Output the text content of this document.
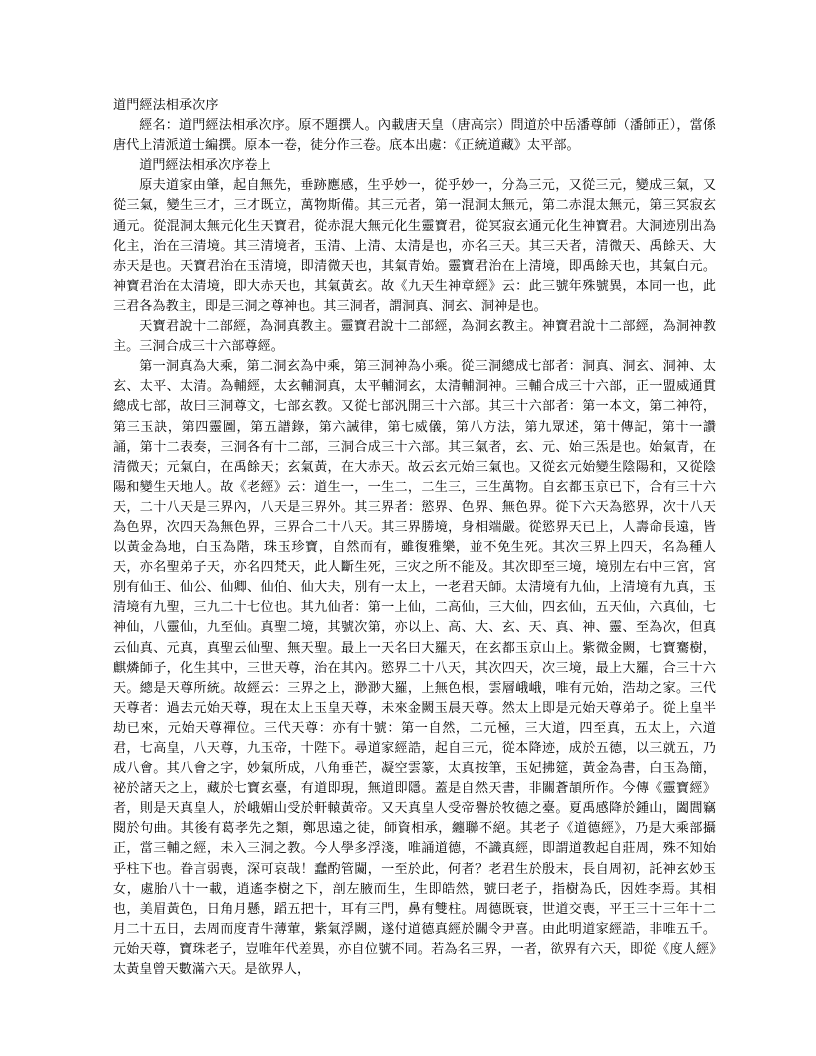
道門經法相承次序

經名：道門經法相承次序。原不題撰人。內載唐天皇（唐高宗）問道於中岳潘尊師（潘師正），當係唐代上清派道士編撰。原本一卷，徒分作三卷。底本出處：《正統道藏》太平部。

道門經法相承次序卷上

原夫道家由肇，起自無先，垂跡應感，生乎妙一，從乎妙一，分為三元，又從三元，變成三氣，又從三氣，變生三才，三才既立，萬物斯備。其三元者，第一混洞太無元，第二赤混太無元，第三冥寂玄通元。從混洞太無元化生天寶君，從赤混大無元化生靈寶君，從冥寂玄通元化生神寶君。大洞迹別出為化主，治在三清境。其三清境者，玉清、上清、太清是也，亦名三天。其三天者，清微天、禹餘天、大赤天是也。天寶君治在玉清境，即清微天也，其氣青始。靈寶君治在上清境，即禹餘天也，其氣白元。神寶君治在太清境，即大赤天也，其氣黃玄。故《九天生神章經》云：此三號年殊號異，本同一也，此三君各為教主，即是三洞之尊神也。其三洞者，謂洞真、洞玄、洞神是也。

天寶君說十二部經，為洞真教主。靈寶君說十二部經，為洞玄教主。神寶君說十二部經，為洞神教主。三洞合成三十六部尊經。

第一洞真為大乘，第二洞玄為中乘，第三洞神為小乘。從三洞總成七部者：洞真、洞玄、洞神、太玄、太平、太清。為輔經，太玄輔洞真，太平輔洞玄，太清輔洞神。三輔合成三十六部，正一盟威通貫總成七部，故曰三洞尊文，七部玄教。又從七部汎開三十六部。其三十六部者：第一本文，第二神符，第三玉訣，第四靈圖，第五譜錄，第六誡律，第七威儀，第八方法，第九眾述，第十傳記，第十一讚誦，第十二表奏，三洞各有十二部，三洞合成三十六部。其三氣者，玄、元、始三炁是也。始氣青，在清微天；元氣白，在禹餘天；玄氣黃，在大赤天。故云玄元始三氣也。又從玄元始變生陰陽和，又從陰陽和變生天地人。故《老經》云：道生一，一生二，二生三，三生萬物。自玄都玉京已下，合有三十六天，二十八天是三界內，八天是三界外。其三界者：慾界、色界、無色界。從下六天為慾界，次十八天為色界，次四天為無色界，三界合二十八天。其三界勝境，身相端嚴。從慾界天已上，人壽命長遠，皆以黃金為地，白玉為階，珠玉珍寶，自然而有，雖復雅樂，並不免生死。其次三界上四天，名為種人天，亦名聖弟子天，亦名四梵天，此人斷生死，三灾之所不能及。其次即至三境，境別左右中三宮，宮別有仙王、仙公、仙卿、仙伯、仙大夫，別有一太上，一老君天師。太清境有九仙，上清境有九真，玉清境有九聖，三九二十七位也。其九仙者：第一上仙，二高仙，三大仙，四玄仙，五天仙，六真仙，七神仙，八靈仙，九至仙。真聖二境，其號次第，亦以上、高、大、玄、天、真、神、靈、至為次，但真云仙真、元真，真聖云仙聖、無天聖。最上一天名曰大羅天，在玄都玉京山上。紫微金闕，七寶騫樹，麒燐師子，化生其中，三世天尊，治在其內。慾界二十八天，其次四天，次三境，最上大羅，合三十六天。總是天尊所統。故經云：三界之上，渺渺大羅，上無色根，雲層峨峨，唯有元始，浩劫之家。三代天尊者：過去元始天尊，現在太上玉皇天尊，未來金闕玉晨天尊。然太上即是元始天尊弟子。從上皇半劫已來，元始天尊禪位。三代天尊：亦有十號：第一自然，二元極，三大道，四至真，五太上，六道君，七高皇，八天尊，九玉帝，十陛下。尋道家經誥，起自三元，從本降迹，成於五德，以三就五，乃成八會。其八會之字，妙氣所成，八角垂芒，凝空雲篆，太真按筆，玉妃拂筵，黃金為書，白玉為簡，祕於諸天之上，藏於七寶玄臺，有道即現，無道即隱。蓋是自然天書，非關蒼頡所作。今傳《靈寶經》者，則是天真皇人，於峨媚山受於軒轅黃帝。又天真皇人受帝譽於牧德之臺。夏禹感降於鍾山，闔閭竊閱於句曲。其後有葛孝先之類，鄭思遠之徒，師資相承，纏聯不絕。其老子《道德經》，乃是大乘部攝正，當三輔之經，未入三洞之教。今人學多浮淺，唯誦道德，不識真經，即謂道教起自莊周，殊不知始乎柱下也。眷言弱喪，深可哀哉！蠢酌管闚，一至於此，何者？老君生於殷末，長自周初，託神玄妙玉女，處胎八十一載，逍遙李樹之下，剖左腋而生，生即皓然，號曰老子，指樹為氏，因姓李焉。其相也，美眉黃色，日角月懸，蹈五把十，耳有三門，鼻有雙柱。周德既衰，世道交喪，平王三十三年十二月二十五日，去周而度青牛薄葷，紫氣浮闕，遂付道德真經於關令尹喜。由此明道家經誥，非唯五千。元始天尊，寶珠老子，豈唯年代差異，亦自位號不同。若為名三界，一者，欲界有六天，即從《度人經》太黃皇曾天數滿六天。是欲界人，
